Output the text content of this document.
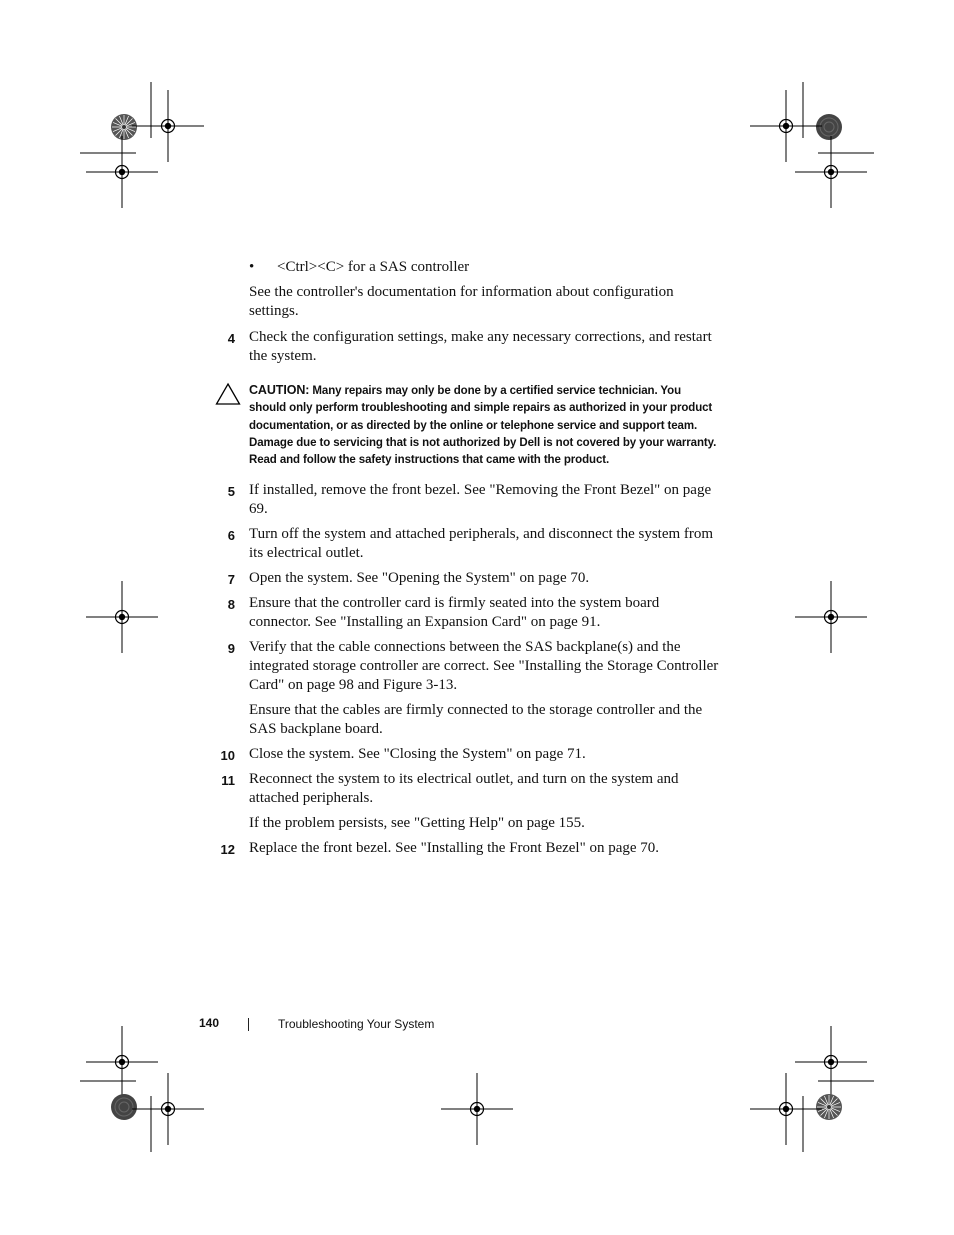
• <Ctrl><C> for a SAS controller
See the controller's documentation for information about configuration settings.
4 Check the configuration settings, make any necessary corrections, and restart the system.
CAUTION: Many repairs may only be done by a certified service technician. You should only perform troubleshooting and simple repairs as authorized in your product documentation, or as directed by the online or telephone service and support team. Damage due to servicing that is not authorized by Dell is not covered by your warranty. Read and follow the safety instructions that came with the product.
5 If installed, remove the front bezel. See "Removing the Front Bezel" on page 69.
6 Turn off the system and attached peripherals, and disconnect the system from its electrical outlet.
7 Open the system. See "Opening the System" on page 70.
8 Ensure that the controller card is firmly seated into the system board connector. See "Installing an Expansion Card" on page 91.
9 Verify that the cable connections between the SAS backplane(s) and the integrated storage controller are correct. See "Installing the Storage Controller Card" on page 98 and Figure 3-13.
Ensure that the cables are firmly connected to the storage controller and the SAS backplane board.
10 Close the system. See "Closing the System" on page 71.
11 Reconnect the system to its electrical outlet, and turn on the system and attached peripherals.
If the problem persists, see "Getting Help" on page 155.
12 Replace the front bezel. See "Installing the Front Bezel" on page 70.
140	Troubleshooting Your System
